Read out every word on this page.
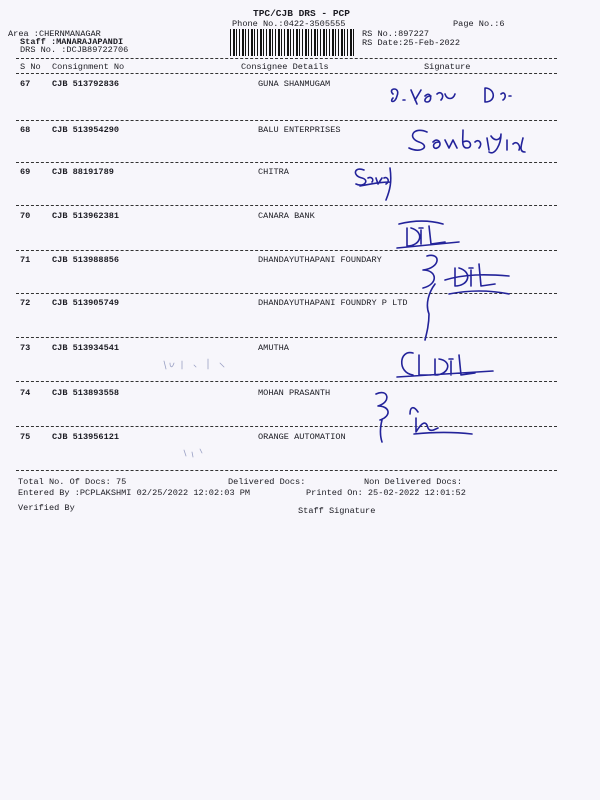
TPC/CJB DRS - PCP
Phone No.:0422-3505555
Area :CHERNMANAGAR
Staff :MANARAJAPANDI
DRS No. :DCJB89722706
RS No.:897227
RS Date:25-Feb-2022
Page No.:6
S No Consignment No	Consignee Details	Signature
67	CJB 513792836	GUNA SHANMUGAM
68	CJB 513954290	BALU ENTERPRISES
69	CJB 88191789	CHITRA
70	CJB 513962381	CANARA BANK
71	CJB 513988856	DHANDAYUTHAPANI FOUNDARY
72	CJB 513905749	DHANDAYUTHAPANI FOUNDRY P LTD
73	CJB 513934541	AMUTHA
74	CJB 513893558	MOHAN PRASANTH
75	CJB 513956121	ORANGE AUTOMATION
Total No. Of Docs: 75	Delivered Docs:	Non Delivered Docs:
Entered By :PCPLAKSHMI 02/25/2022 12:02:03 PM	Printed On: 25-02-2022 12:01:52
Verified By	Staff Signature
